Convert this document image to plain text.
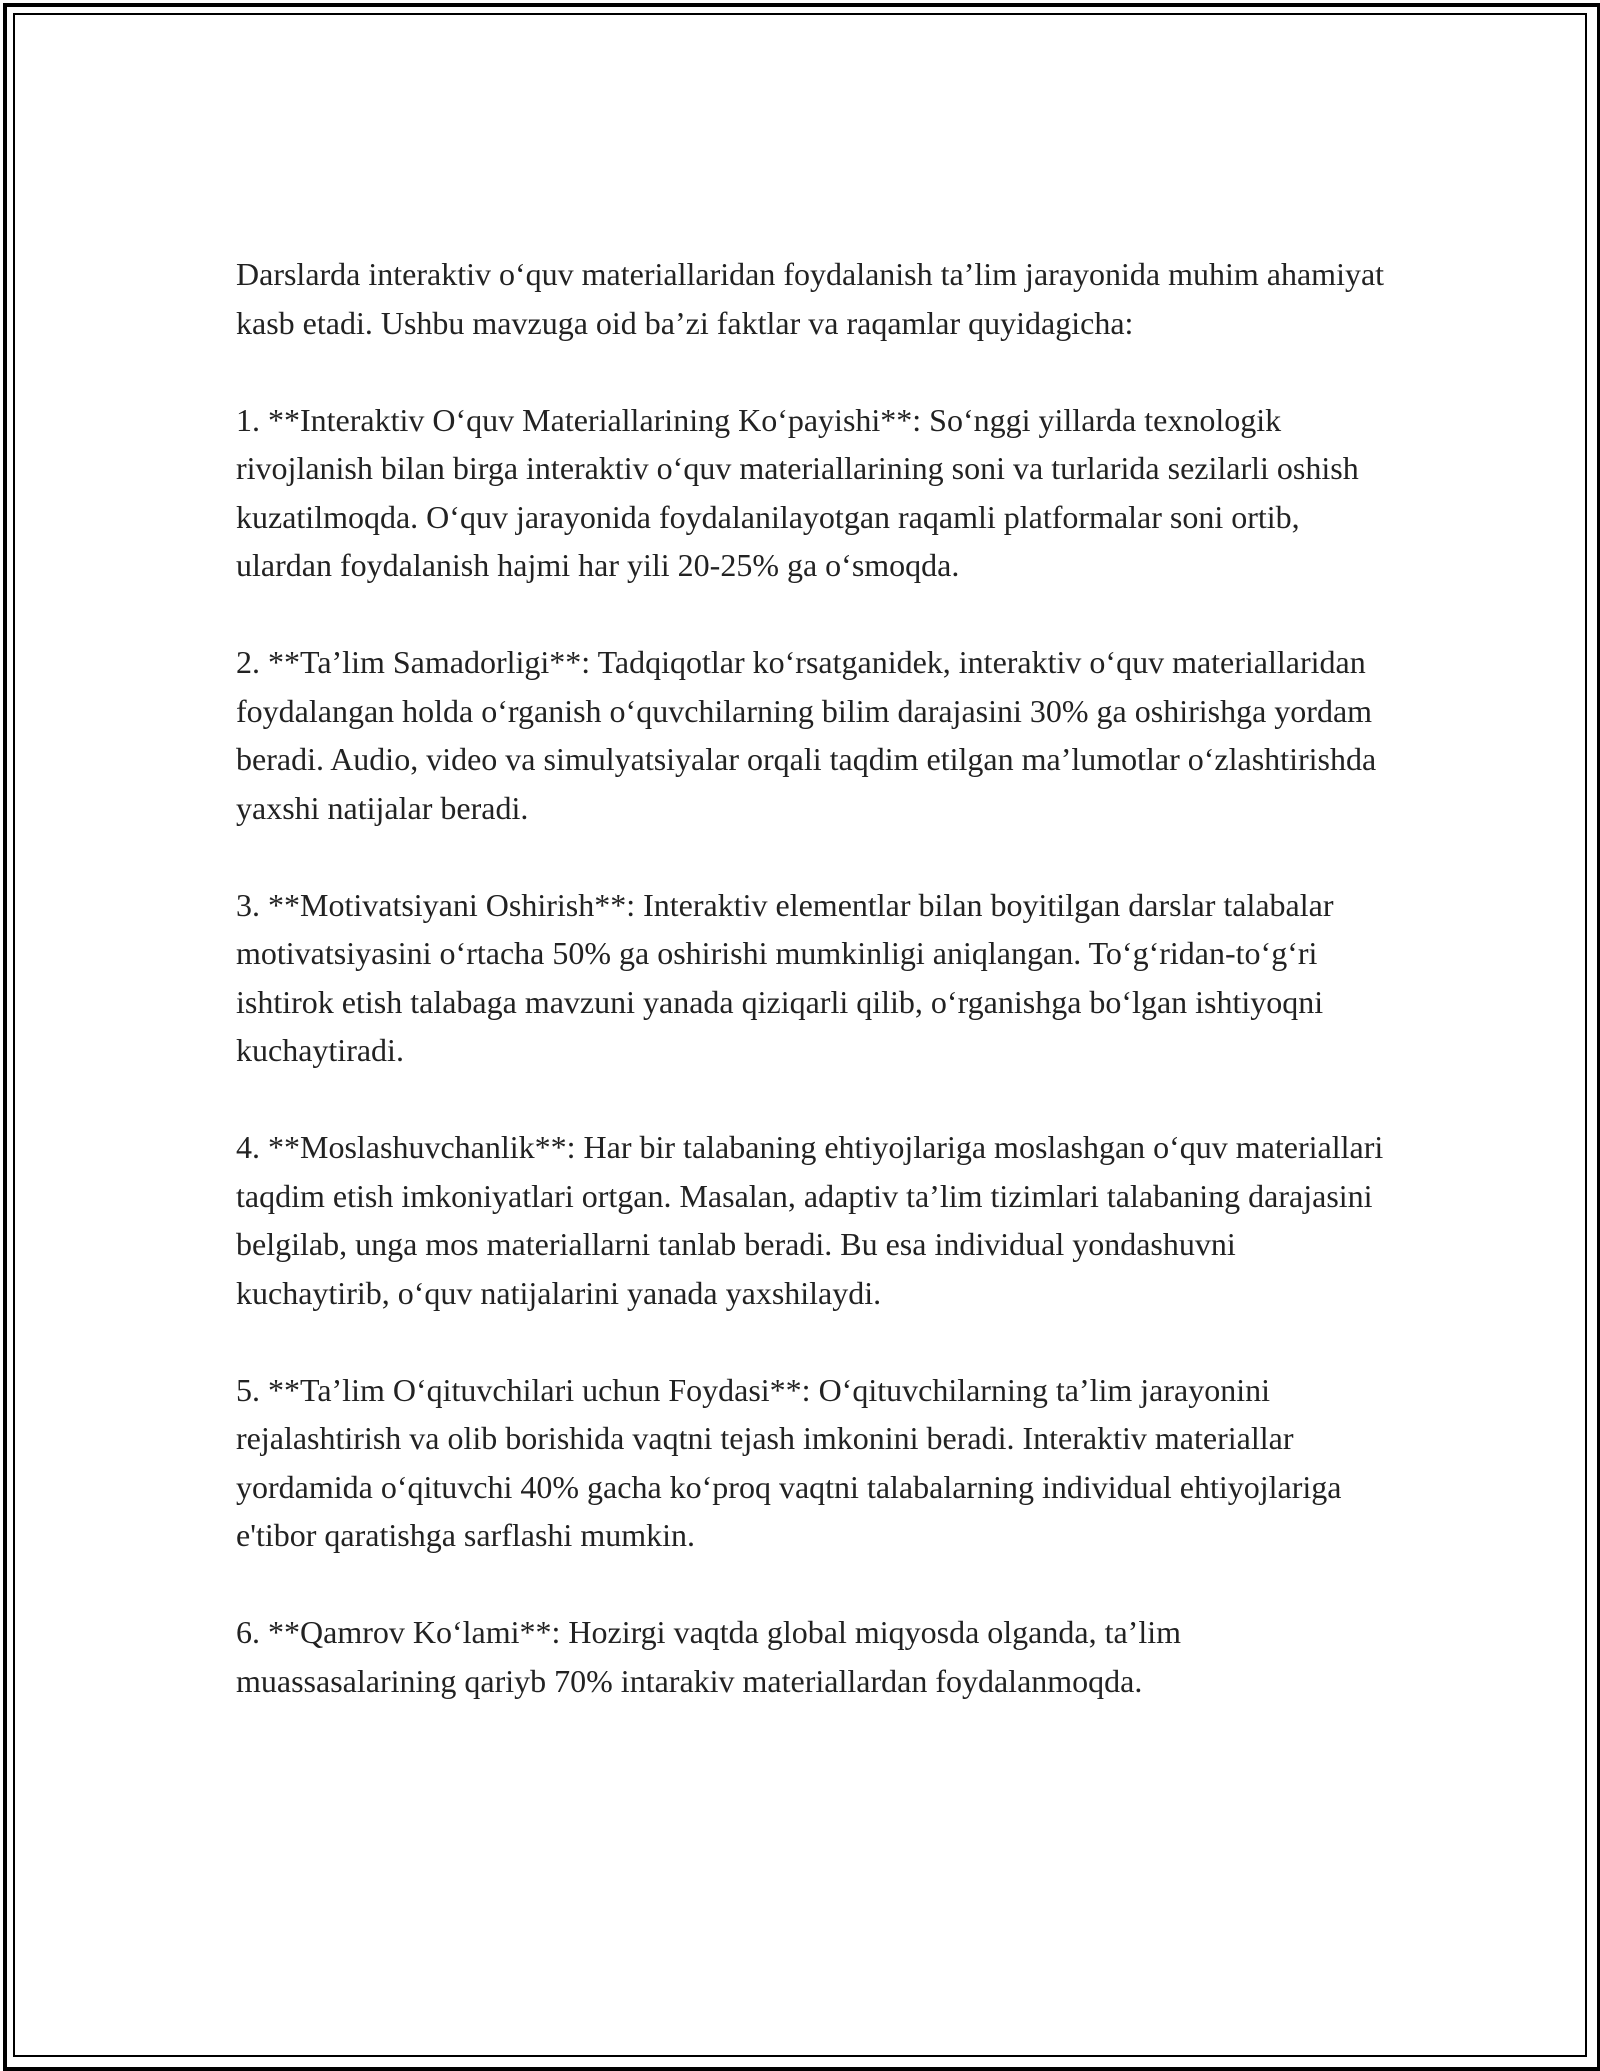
Darslarda interaktiv o‘quv materiallaridan foydalanish ta’lim jarayonida muhim ahamiyat kasb etadi. Ushbu mavzuga oid ba’zi faktlar va raqamlar quyidagicha:

1. **Interaktiv O‘quv Materiallarining Ko‘payishi**: So‘nggi yillarda texnologik rivojlanish bilan birga interaktiv o‘quv materiallarining soni va turlarida sezilarli oshish kuzatilmoqda. O‘quv jarayonida foydalanilayotgan raqamli platformalar soni ortib, ulardan foydalanish hajmi har yili 20-25% ga o‘smoqda.

2. **Ta’lim Samadorligi**: Tadqiqotlar ko‘rsatganidek, interaktiv o‘quv materiallaridan foydalangan holda o‘rganish o‘quvchilarning bilim darajasini 30% ga oshirishga yordam beradi. Audio, video va simulyatsiyalar orqali taqdim etilgan ma’lumotlar o‘zlashtirishda yaxshi natijalar beradi.

3. **Motivatsiyani Oshirish**: Interaktiv elementlar bilan boyitilgan darslar talabalar motivatsiyasini o‘rtacha 50% ga oshirishi mumkinligi aniqlangan. To‘g‘ridan-to‘g‘ri ishtirok etish talabaga mavzuni yanada qiziqarli qilib, o‘rganishga bo‘lgan ishtiyoqni kuchaytiradi.

4. **Moslashuvchanlik**: Har bir talabaning ehtiyojlariga moslashgan o‘quv materiallari taqdim etish imkoniyatlari ortgan. Masalan, adaptiv ta’lim tizimlari talabaning darajasini belgilab, unga mos materiallarni tanlab beradi. Bu esa individual yondashuvni kuchaytirib, o‘quv natijalarini yanada yaxshilaydi.

5. **Ta’lim O‘qituvchilari uchun Foydasi**: O‘qituvchilarning ta’lim jarayonini rejalashtirish va olib borishida vaqtni tejash imkonini beradi. Interaktiv materiallar yordamida o‘qituvchi 40% gacha ko‘proq vaqtni talabalarning individual ehtiyojlariga e'tibor qaratishga sarflashi mumkin.

6. **Qamrov Ko‘lami**: Hozirgi vaqtda global miqyosda olganda, ta’lim muassasalarining qariyb 70% intarakiv materiallardan foydalanmoqda.
